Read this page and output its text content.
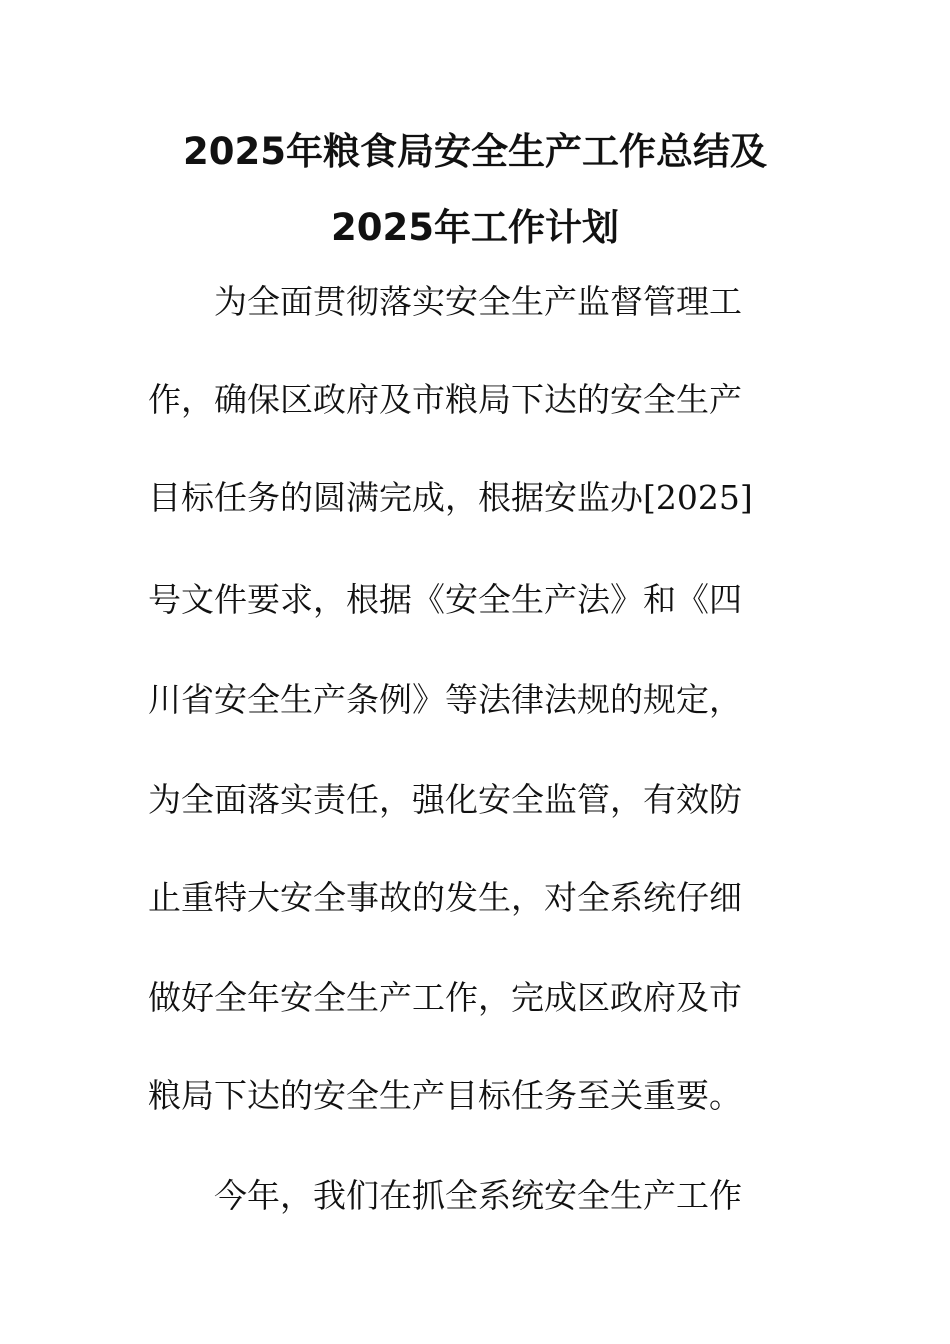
2025年粮食局安全生产工作总结及
2025年工作计划
为全面贯彻落实安全生产监督管理工
作，确保区政府及市粮局下达的安全生产
目标任务的圆满完成，根据安监办[2025]
号文件要求，根据《安全生产法》和《四
川省安全生产条例》等法律法规的规定，
为全面落实责任，强化安全监管，有效防
止重特大安全事故的发生，对全系统仔细
做好全年安全生产工作，完成区政府及市
粮局下达的安全生产目标任务至关重要。
今年，我们在抓全系统安全生产工作
